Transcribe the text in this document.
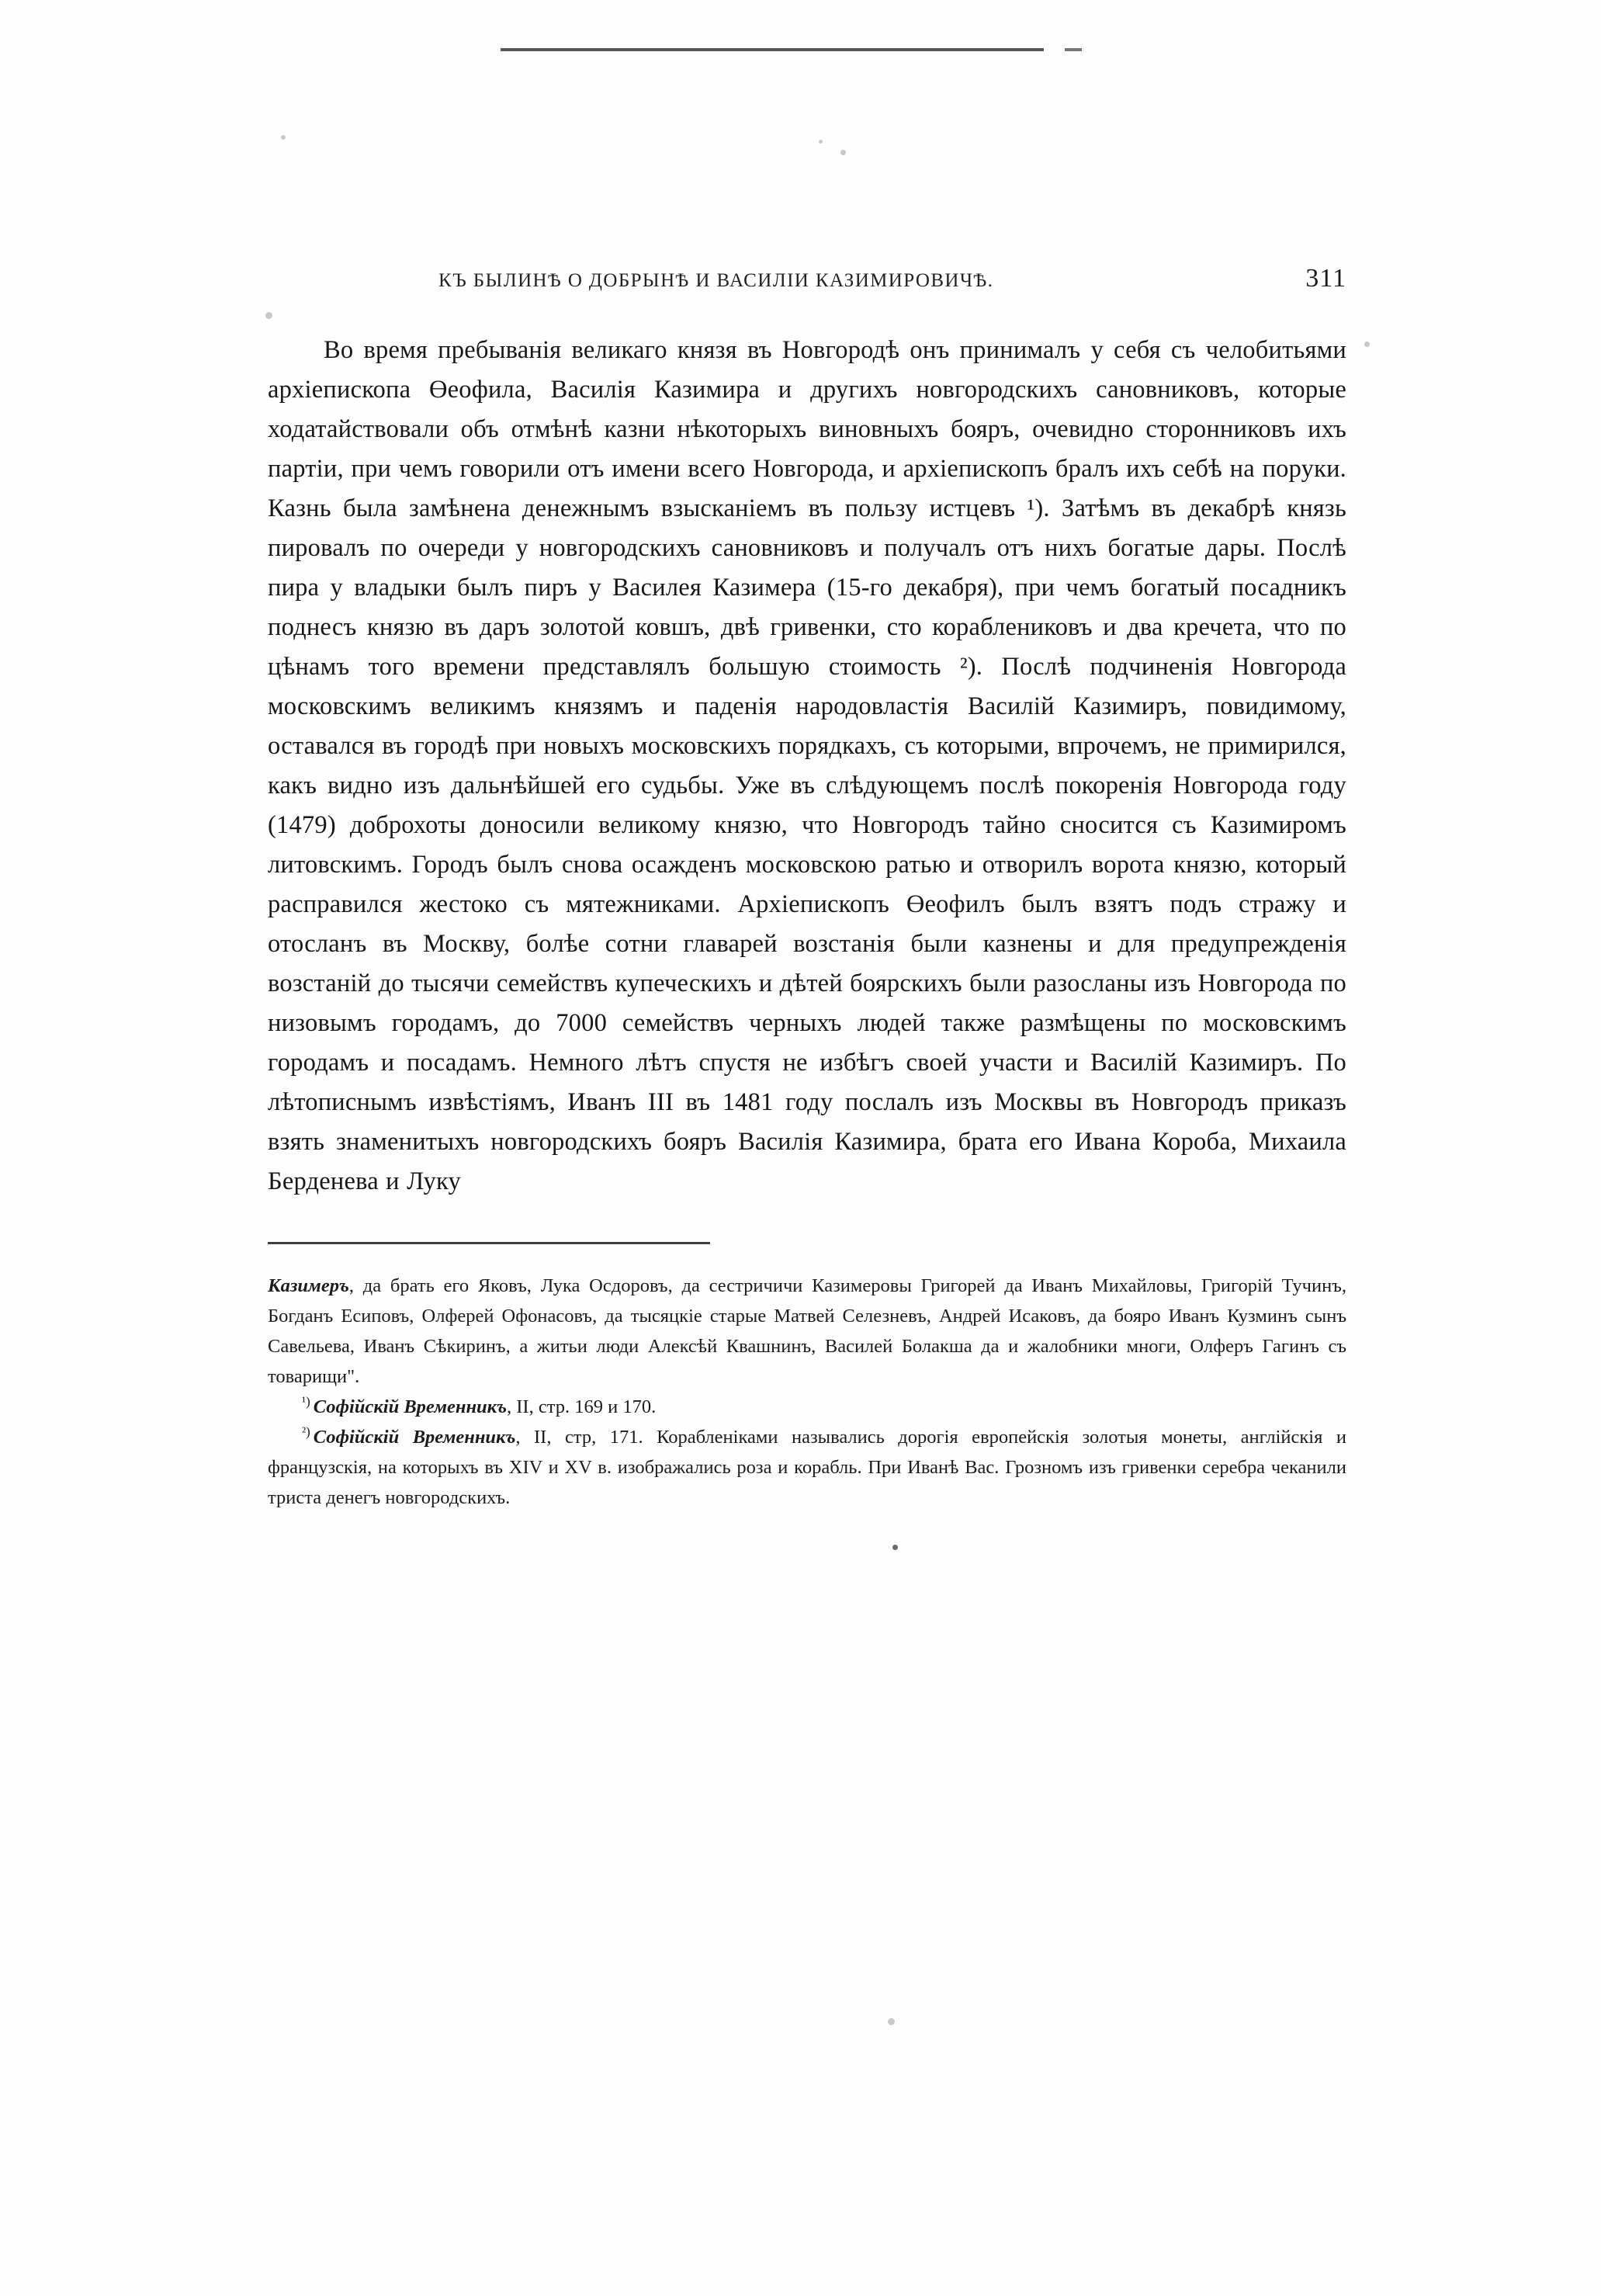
КЪ БЫЛИНѢ О ДОБРЫНѢ И ВАСИЛІИ КАЗИМИРОВИЧѢ.	311

Во время пребыванія великаго князя въ Новгородѣ онъ принималъ у себя съ челобитьями архіепископа Өеофила, Василія Казимира и другихъ новгородскихъ сановниковъ, которые ходатайствовали объ отмѣнѣ казни нѣкоторыхъ виновныхъ бояръ, очевидно сторонниковъ ихъ партіи, при чемъ говорили отъ имени всего Новгорода, и архіепископъ бралъ ихъ себѣ на поруки. Казнь была замѣнена денежнымъ взысканіемъ въ пользу истцевъ ¹). Затѣмъ въ декабрѣ князь пировалъ по очереди у новгородскихъ сановниковъ и получалъ отъ нихъ богатые дары. Послѣ пира у владыки былъ пиръ у Василея Казимера (15-го декабря), при чемъ богатый посадникъ поднесъ князю въ даръ золотой ковшъ, двѣ гривенки, сто кораблениковъ и два кречета, что по цѣнамъ того времени представлялъ большую стоимость ²). Послѣ подчиненія Новгорода московскимъ великимъ князямъ и паденія народовластія Василій Казимиръ, повидимому, оставался въ городѣ при новыхъ московскихъ порядкахъ, съ которыми, впрочемъ, не примирился, какъ видно изъ дальнѣйшей его судьбы. Уже въ слѣдующемъ послѣ покоренія Новгорода году (1479) доброхоты доносили великому князю, что Новгородъ тайно сносится съ Казимиромъ литовскимъ. Городъ былъ снова осажденъ московскою ратью и отворилъ ворота князю, который расправился жестоко съ мятежниками. Архіепископъ Өеофилъ былъ взятъ подъ стражу и отосланъ въ Москву, болѣе сотни главарей возстанія были казнены и для предупрежденія возстаній до тысячи семействъ купеческихъ и дѣтей боярскихъ были разосланы изъ Новгорода по низовымъ городамъ, до 7000 семействъ черныхъ людей также размѣщены по московскимъ городамъ и посадамъ. Немного лѣтъ спустя не избѣгъ своей участи и Василій Казимиръ. По лѣтописнымъ извѣстіямъ, Иванъ III въ 1481 году послалъ изъ Москвы въ Новгородъ приказъ взять знаменитыхъ новгородскихъ бояръ Василія Казимира, брата его Ивана Короба, Михаила Берденева и Луку

Казимеръ, да брать его Яковъ, Лука Осдоровъ, да сестричичи Казимеровы Григорей да Иванъ Михайловы, Григорій Тучинъ, Богданъ Есиповъ, Олферей Офонасовъ, да тысяцкіе старые Матвей Селезневъ, Андрей Исаковъ, да бояро Иванъ Кузминъ сынъ Савельева, Иванъ Сѣкиринъ, а житьи люди Алексѣй Квашнинъ, Василей Болакша да и жалобники многи, Олферъ Гагинъ съ товарищи".

$^{^1)}$ Софійскій Временникъ, II, стр. 169 и 170.

$^{^2)}$ Софійскій Временникъ, II, стр, 171. Корабленіками назывались дорогія европейскія золотыя монеты, англійскія и французскія, на которыхъ въ XIV и XV в. изображались роза и корабль. При Иванѣ Вас. Грозномъ изъ гривенки серебра чеканили триста денегъ новгородскихъ.
